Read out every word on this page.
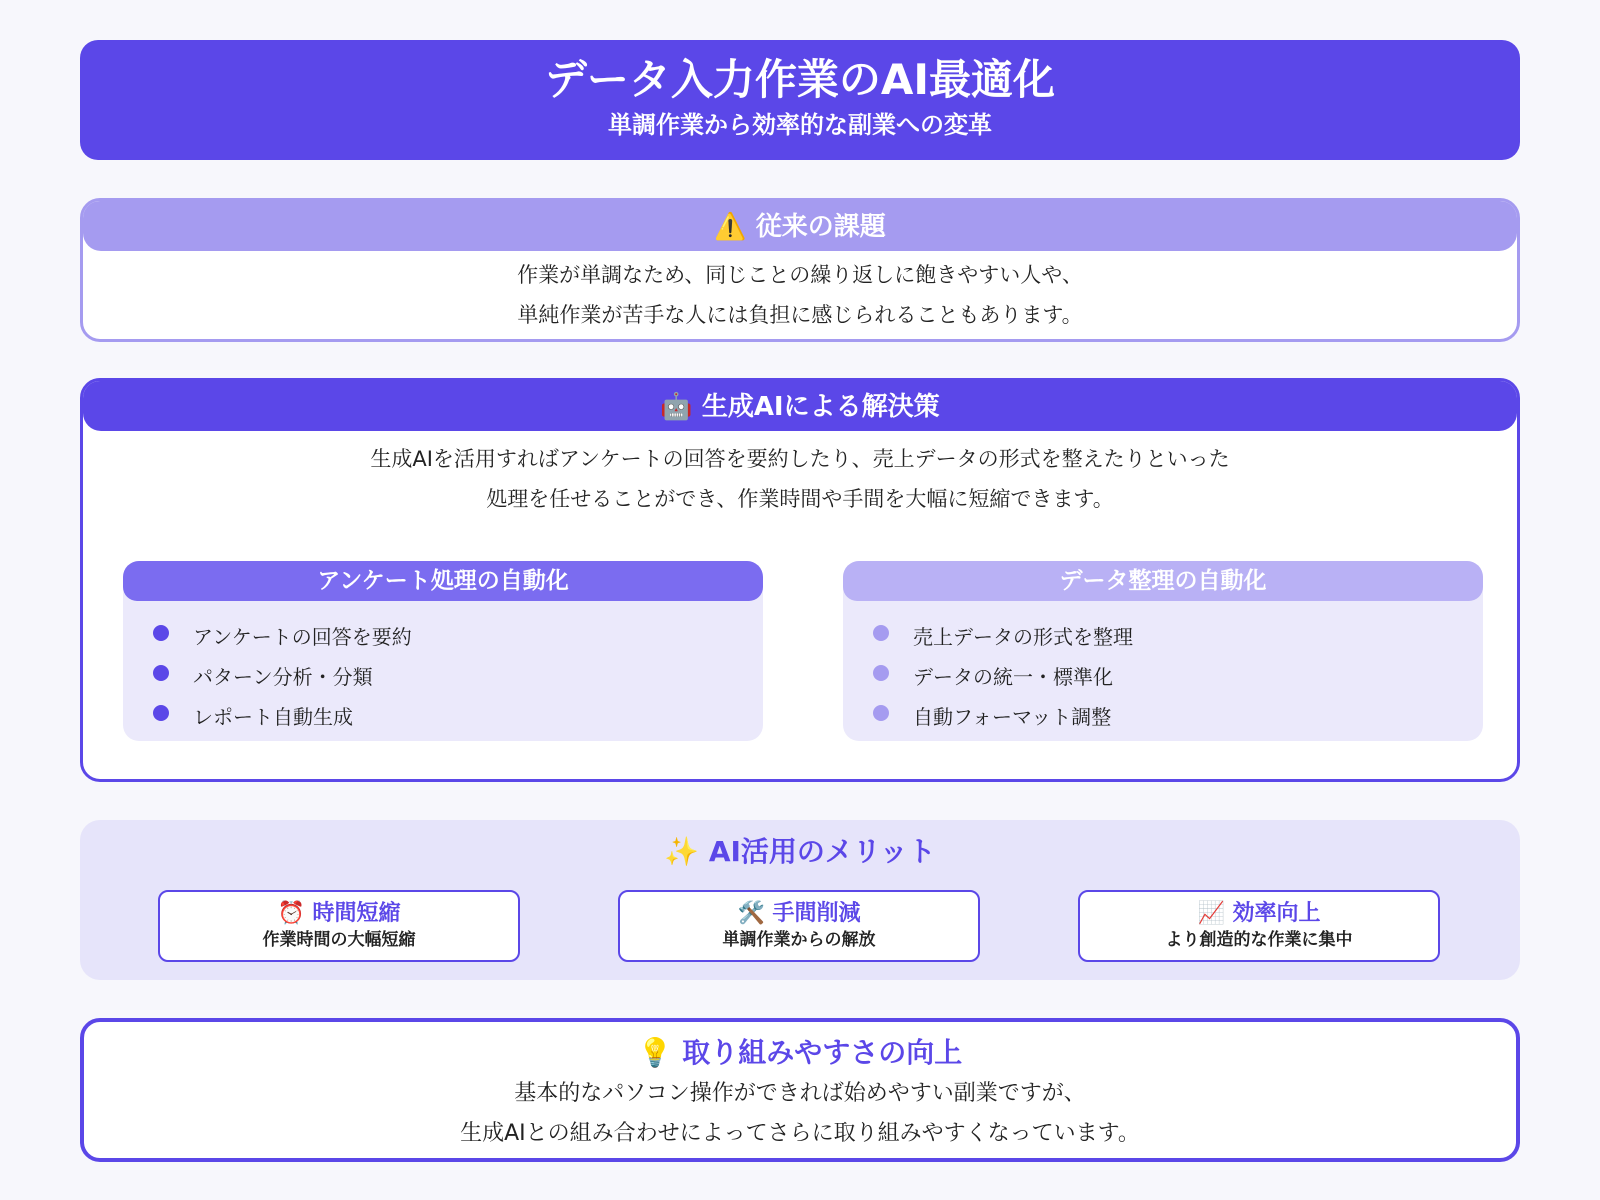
データ入力作業のAI最適化
単調作業から効率的な副業への変革
⚠️ 従来の課題
作業が単調なため、同じことの繰り返しに飽きやすい人や、
単純作業が苦手な人には負担に感じられることもあります。
🤖 生成AIによる解決策
生成AIを活用すればアンケートの回答を要約したり、売上データの形式を整えたりといった
処理を任せることができ、作業時間や手間を大幅に短縮できます。
アンケート処理の自動化
アンケートの回答を要約
パターン分析・分類
レポート自動生成
データ整理の自動化
売上データの形式を整理
データの統一・標準化
自動フォーマット調整
✨ AI活用のメリット
⏰ 時間短縮
作業時間の大幅短縮
🛠️ 手間削減
単調作業からの解放
📈 効率向上
より創造的な作業に集中
💡 取り組みやすさの向上
基本的なパソコン操作ができれば始めやすい副業ですが、
生成AIとの組み合わせによってさらに取り組みやすくなっています。
